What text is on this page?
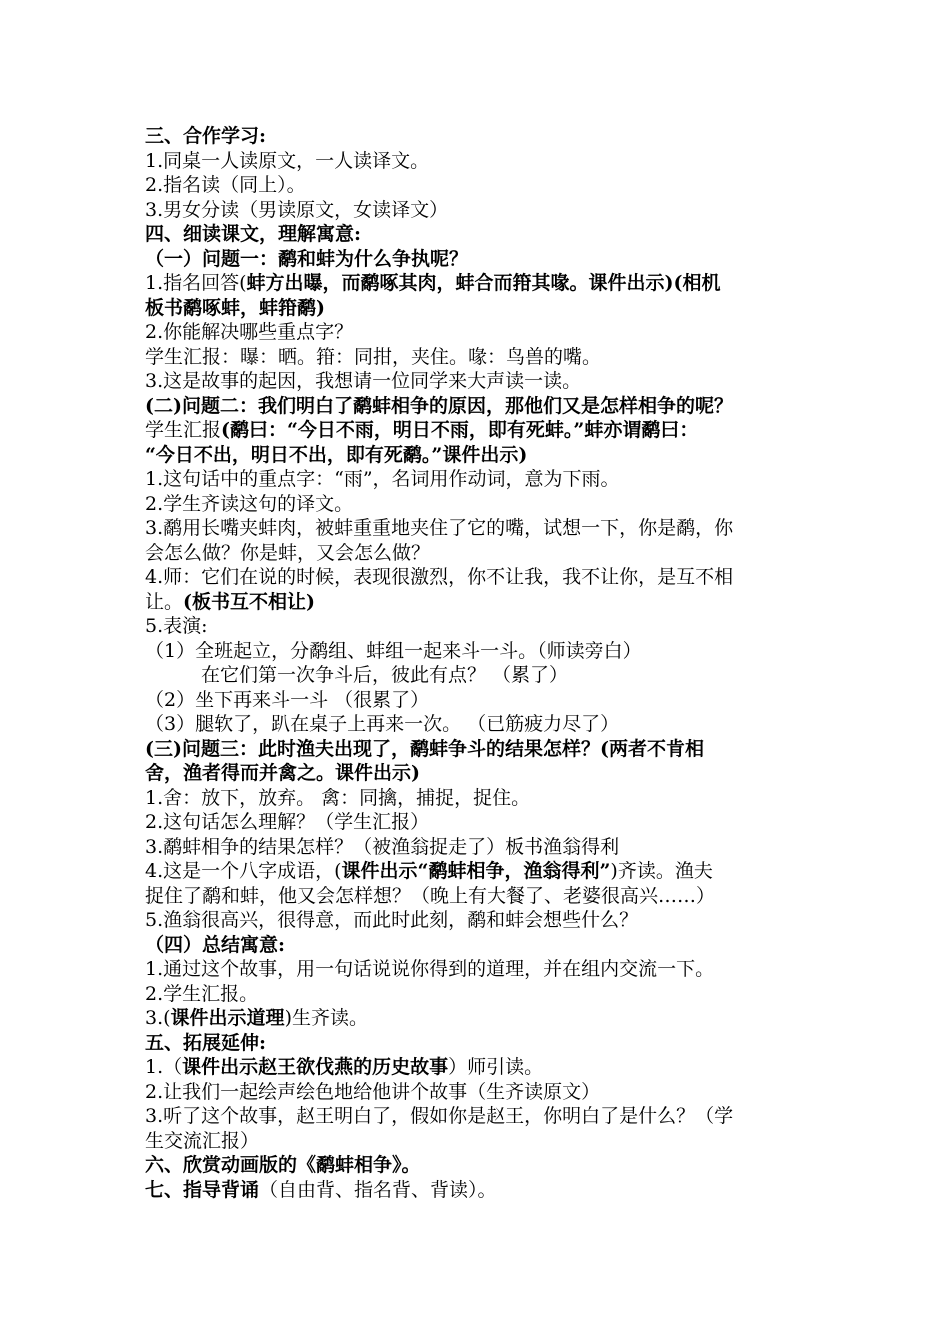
三、合作学习:
1.同桌一人读原文，一人读译文。
2.指名读（同上）。
3.男女分读（男读原文，女读译文）
四、细读课文，理解寓意:
（一）问题一：鹬和蚌为什么争执呢？
1.指名回答(蚌方出曝，而鹬啄其肉，蚌合而箝其喙。课件出示)(相机
板书鹬啄蚌，蚌箝鹬)
2.你能解决哪些重点字？
学生汇报：曝：晒。箝：同拑，夹住。喙：鸟兽的嘴。
3.这是故事的起因，我想请一位同学来大声读一读。
(二)问题二：我们明白了鹬蚌相争的原因，那他们又是怎样相争的呢？
学生汇报(鹬曰：“今日不雨，明日不雨，即有死蚌。”蚌亦谓鹬曰：
“今日不出，明日不出，即有死鹬。”课件出示)
1.这句话中的重点字：“雨”，名词用作动词，意为下雨。
2.学生齐读这句的译文。
3.鹬用长嘴夹蚌肉，被蚌重重地夹住了它的嘴，试想一下，你是鹬，你
会怎么做？你是蚌，又会怎么做？
4.师：它们在说的时候，表现很激烈，你不让我，我不让你，是互不相
让。(板书互不相让)
5.表演:
（1）全班起立，分鹬组、蚌组一起来斗一斗。（师读旁白）
在它们第一次争斗后，彼此有点？ （累了）
（2）坐下再来斗一斗 （很累了）
（3）腿软了，趴在桌子上再来一次。 （已筋疲力尽了）
(三)问题三：此时渔夫出现了，鹬蚌争斗的结果怎样？(两者不肯相
舍，渔者得而并禽之。课件出示)
1.舍：放下，放弃。 禽：同擒，捕捉，捉住。
2.这句话怎么理解？（学生汇报）
3.鹬蚌相争的结果怎样？（被渔翁捉走了）板书渔翁得利
4.这是一个八字成语，(课件出示“鹬蚌相争，渔翁得利”)齐读。渔夫
捉住了鹬和蚌，他又会怎样想？（晚上有大餐了、老婆很高兴……）
5.渔翁很高兴，很得意，而此时此刻，鹬和蚌会想些什么？
（四）总结寓意:
1.通过这个故事，用一句话说说你得到的道理，并在组内交流一下。
2.学生汇报。
3.(课件出示道理)生齐读。
五、拓展延伸:
1.（课件出示赵王欲伐燕的历史故事）师引读。
2.让我们一起绘声绘色地给他讲个故事（生齐读原文）
3.听了这个故事，赵王明白了，假如你是赵王，你明白了是什么？（学
生交流汇报）
六、欣赏动画版的《鹬蚌相争》。
七、指导背诵（自由背、指名背、背读）。
